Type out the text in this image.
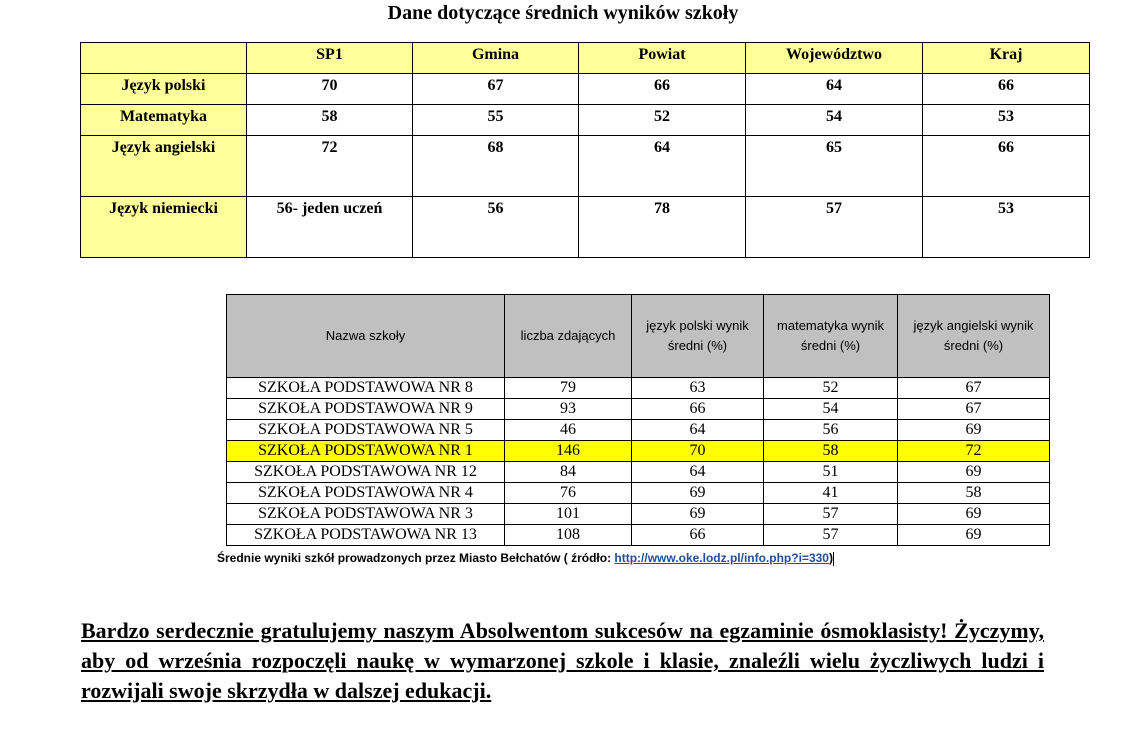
Dane dotyczące średnich wyników szkoły
	SP1	Gmina	Powiat	Województwo	Kraj
Język polski	70	67	66	64	66
Matematyka	58	55	52	54	53
Język angielski	72	68	64	65	66
Język niemiecki	56- jeden uczeń	56	78	57	53
Nazwa szkoły	liczba zdających	język polski wynik średni (%)	matematyka wynik średni (%)	język angielski wynik średni (%)
SZKOŁA PODSTAWOWA NR 8	79	63	52	67
SZKOŁA PODSTAWOWA NR 9	93	66	54	67
SZKOŁA PODSTAWOWA NR 5	46	64	56	69
SZKOŁA PODSTAWOWA NR 1	146	70	58	72
SZKOŁA PODSTAWOWA NR 12	84	64	51	69
SZKOŁA PODSTAWOWA NR 4	76	69	41	58
SZKOŁA PODSTAWOWA NR 3	101	69	57	69
SZKOŁA PODSTAWOWA NR 13	108	66	57	69
Średnie wyniki szkół prowadzonych przez Miasto Bełchatów ( źródło: http://www.oke.lodz.pl/info.php?i=330)
Bardzo serdecznie gratulujemy naszym Absolwentom sukcesów na egzaminie ósmoklasisty! Życzymy, aby od września rozpoczęli naukę w wymarzonej szkole i klasie, znaleźli wielu życzliwych ludzi i rozwijali swoje skrzydła w dalszej edukacji.
